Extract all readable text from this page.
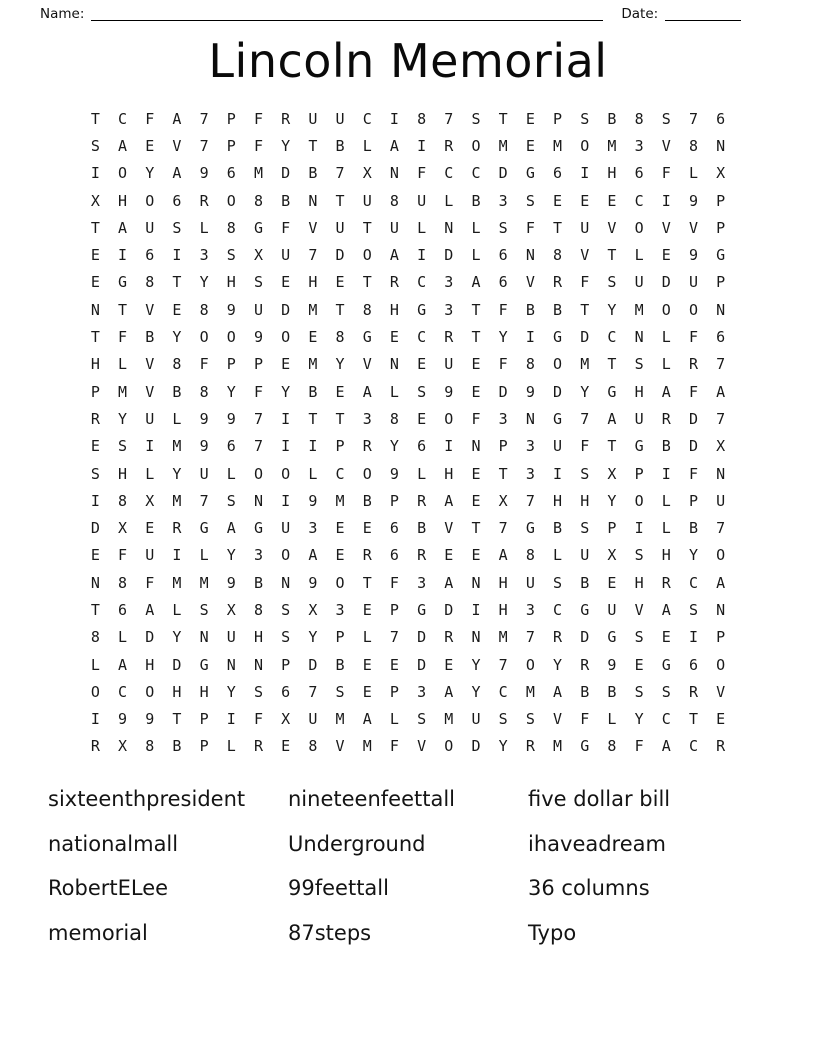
Name:	Date:
Lincoln Memorial
T	C	F	A	7	P	F	R	U	U	C	I	8	7	S	T	E	P	S	B	8	S	7	6
S	A	E	V	7	P	F	Y	T	B	L	A	I	R	O	M	E	M	O	M	3	V	8	N
I	O	Y	A	9	6	M	D	B	7	X	N	F	C	C	D	G	6	I	H	6	F	L	X
X	H	O	6	R	O	8	B	N	T	U	8	U	L	B	3	S	E	E	E	C	I	9	P
T	A	U	S	L	8	G	F	V	U	T	U	L	N	L	S	F	T	U	V	O	V	V	P
E	I	6	I	3	S	X	U	7	D	O	A	I	D	L	6	N	8	V	T	L	E	9	G
E	G	8	T	Y	H	S	E	H	E	T	R	C	3	A	6	V	R	F	S	U	D	U	P
N	T	V	E	8	9	U	D	M	T	8	H	G	3	T	F	B	B	T	Y	M	O	O	N
T	F	B	Y	O	O	9	O	E	8	G	E	C	R	T	Y	I	G	D	C	N	L	F	6
H	L	V	8	F	P	P	E	M	Y	V	N	E	U	E	F	8	O	M	T	S	L	R	7
P	M	V	B	8	Y	F	Y	B	E	A	L	S	9	E	D	9	D	Y	G	H	A	F	A
R	Y	U	L	9	9	7	I	T	T	3	8	E	O	F	3	N	G	7	A	U	R	D	7
E	S	I	M	9	6	7	I	I	P	R	Y	6	I	N	P	3	U	F	T	G	B	D	X
S	H	L	Y	U	L	O	O	L	C	O	9	L	H	E	T	3	I	S	X	P	I	F	N
I	8	X	M	7	S	N	I	9	M	B	P	R	A	E	X	7	H	H	Y	O	L	P	U
D	X	E	R	G	A	G	U	3	E	E	6	B	V	T	7	G	B	S	P	I	L	B	7
E	F	U	I	L	Y	3	O	A	E	R	6	R	E	E	A	8	L	U	X	S	H	Y	O
N	8	F	M	M	9	B	N	9	O	T	F	3	A	N	H	U	S	B	E	H	R	C	A
T	6	A	L	S	X	8	S	X	3	E	P	G	D	I	H	3	C	G	U	V	A	S	N
8	L	D	Y	N	U	H	S	Y	P	L	7	D	R	N	M	7	R	D	G	S	E	I	P
L	A	H	D	G	N	N	P	D	B	E	E	D	E	Y	7	O	Y	R	9	E	G	6	O
O	C	O	H	H	Y	S	6	7	S	E	P	3	A	Y	C	M	A	B	B	S	S	R	V
I	9	9	T	P	I	F	X	U	M	A	L	S	M	U	S	S	V	F	L	Y	C	T	E
R	X	8	B	P	L	R	E	8	V	M	F	V	O	D	Y	R	M	G	8	F	A	C	R
sixteenthpresident
nationalmall
RobertELee
memorial
nineteenfeettall
Underground
99feettall
87steps
five dollar bill
ihaveadream
36 columns
Typo
